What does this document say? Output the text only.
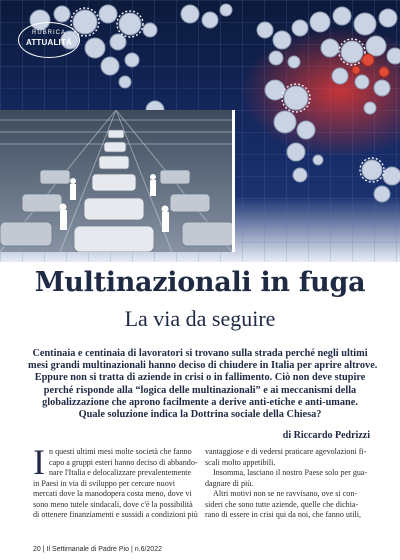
RUBRICA
ATTUALITÀ
Multinazionali in fuga
La via da seguire
Centinaia e centinaia di lavoratori si trovano sulla strada perché negli ultimi
mesi grandi multinazionali hanno deciso di chiudere in Italia per aprire altrove.
Eppure non si tratta di aziende in crisi o in fallimento. Ciò non deve stupire
perché risponde alla “logica delle multinazionali” e ai meccanismi della
globalizzazione che aprono facilmente a derive anti-etiche e anti-umane.
Quale soluzione indica la Dottrina sociale della Chiesa?
di Riccardo Pedrizzi
I n questi ultimi mesi molte società che fanno
capo a gruppi esteri hanno deciso di abbando-
nare l'Italia e delocalizzare prevalentemente
in Paesi in via di sviluppo per cercare nuovi
mercati dove la manodopera costa meno, dove vi
sono meno tutele sindacali, dove c'è la possibilità
di ottenere finanziamenti e sussidi a condizioni più
vantaggiose e di vedersi praticare agevolazioni fi-
scali molto appetibili.
Insomma, lasciano il nostro Paese solo per gua-
dagnare di più.
Altri motivi non se ne ravvisano, ove si con-
sideri che sono tutte aziende, quelle che dichia-
rano di essere in crisi qui da noi, che fanno utili,
20 | Il Settimanale di Padre Pio | n.6/2022
